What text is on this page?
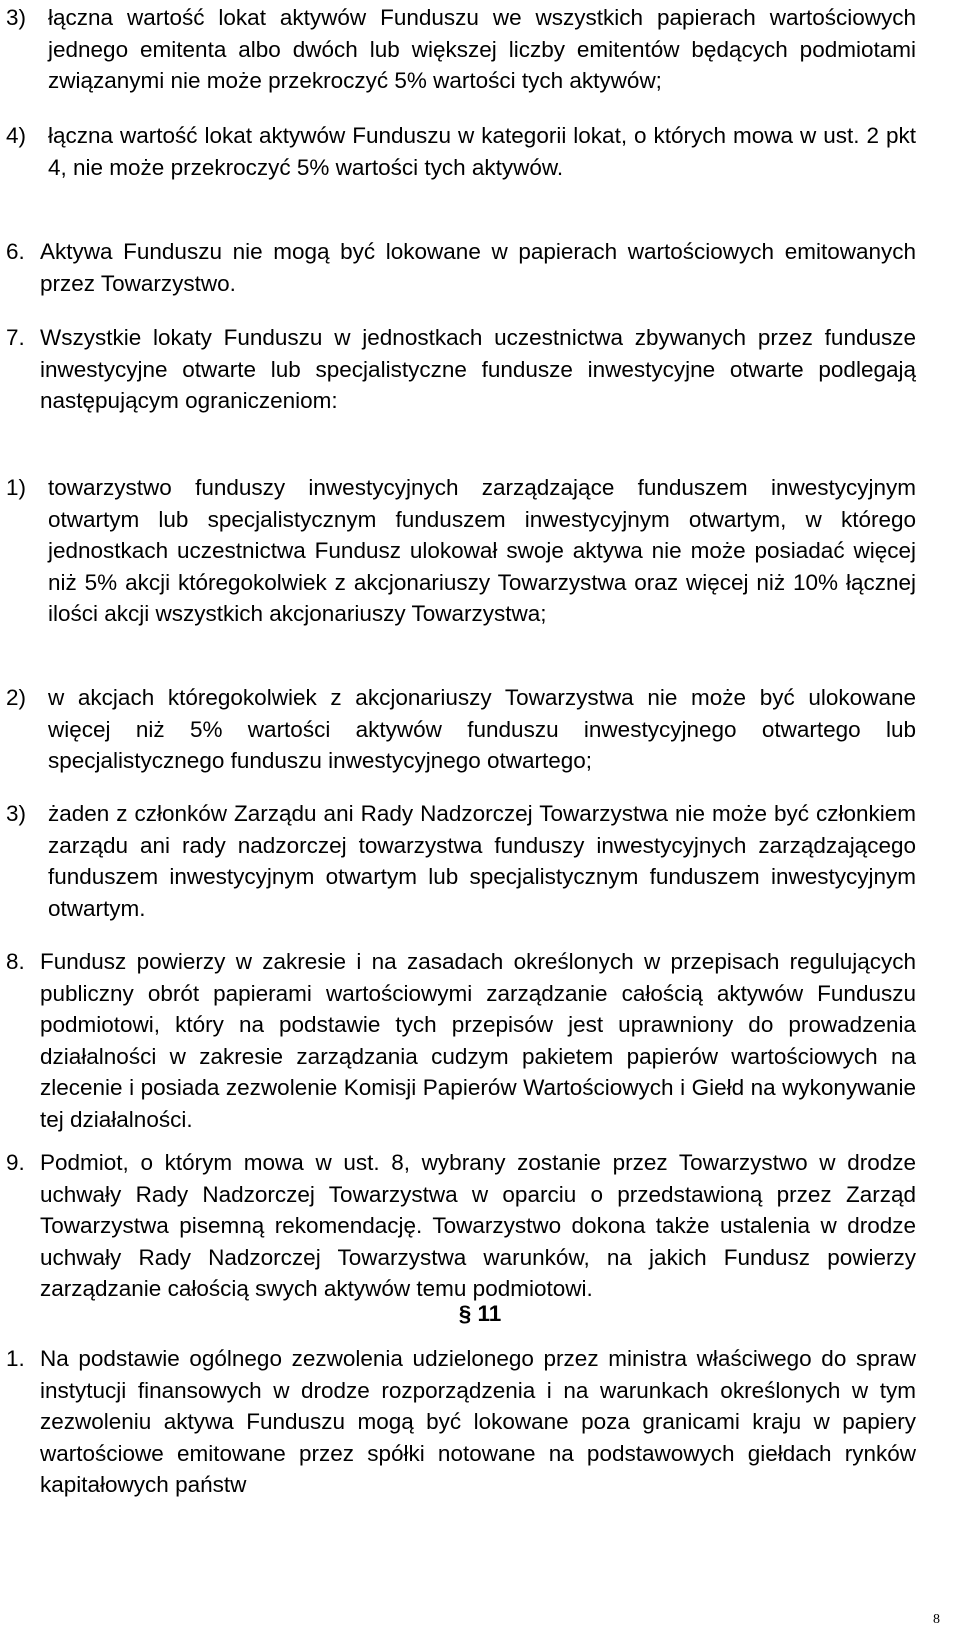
3) łączna wartość lokat aktywów Funduszu we wszystkich papierach wartościowych jednego emitenta albo dwóch lub większej liczby emitentów będących podmiotami związanymi nie może przekroczyć 5% wartości tych aktywów;
4) łączna wartość lokat aktywów Funduszu w kategorii lokat, o których mowa w ust. 2 pkt 4, nie może przekroczyć 5% wartości tych aktywów.
6. Aktywa Funduszu nie mogą być lokowane w papierach wartościowych emitowanych przez Towarzystwo.
7. Wszystkie lokaty Funduszu w jednostkach uczestnictwa zbywanych przez fundusze inwestycyjne otwarte lub specjalistyczne fundusze inwestycyjne otwarte podlegają następującym ograniczeniom:
1) towarzystwo funduszy inwestycyjnych zarządzające funduszem inwestycyjnym otwartym lub specjalistycznym funduszem inwestycyjnym otwartym, w którego jednostkach uczestnictwa Fundusz ulokował swoje aktywa nie może posiadać więcej niż 5% akcji któregokolwiek z akcjonariuszy Towarzystwa oraz więcej niż 10% łącznej ilości akcji wszystkich akcjonariuszy Towarzystwa;
2) w akcjach któregokolwiek z akcjonariuszy Towarzystwa nie może być ulokowane więcej niż 5% wartości aktywów funduszu inwestycyjnego otwartego lub specjalistycznego funduszu inwestycyjnego otwartego;
3) żaden z członków Zarządu ani Rady Nadzorczej Towarzystwa nie może być członkiem zarządu ani rady nadzorczej towarzystwa funduszy inwestycyjnych zarządzającego funduszem inwestycyjnym otwartym lub specjalistycznym funduszem inwestycyjnym otwartym.
8. Fundusz powierzy w zakresie i na zasadach określonych w przepisach regulujących publiczny obrót papierami wartościowymi zarządzanie całością aktywów Funduszu podmiotowi, który na podstawie tych przepisów jest uprawniony do prowadzenia działalności w zakresie zarządzania cudzym pakietem papierów wartościowych na zlecenie i posiada zezwolenie Komisji Papierów Wartościowych i Giełd na wykonywanie tej działalności.
9. Podmiot, o którym mowa w ust. 8, wybrany zostanie przez Towarzystwo w drodze uchwały Rady Nadzorczej Towarzystwa w oparciu o przedstawioną przez Zarząd Towarzystwa pisemną rekomendację. Towarzystwo dokona także ustalenia w drodze uchwały Rady Nadzorczej Towarzystwa warunków, na jakich Fundusz powierzy zarządzanie całością swych aktywów temu podmiotowi.
§ 11
1. Na podstawie ogólnego zezwolenia udzielonego przez ministra właściwego do spraw instytucji finansowych w drodze rozporządzenia i na warunkach określonych w tym zezwoleniu aktywa Funduszu mogą być lokowane poza granicami kraju w papiery wartościowe emitowane przez spółki notowane na podstawowych giełdach rynków kapitałowych państw
8
